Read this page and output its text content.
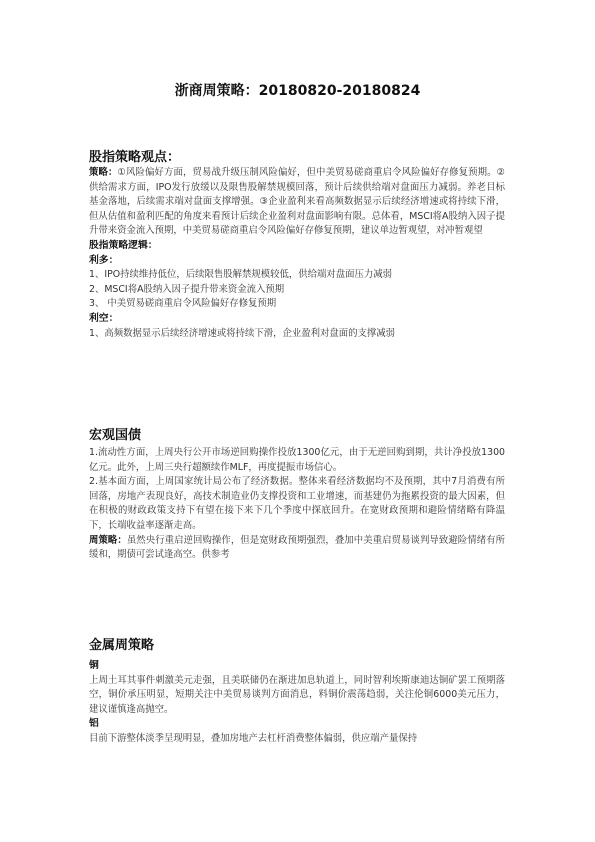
浙商周策略：20180820-20180824
股指策略观点：

策略：①风险偏好方面，贸易战升级压制风险偏好，但中美贸易磋商重启令风险偏好存修复预期。②供给需求方面，IPO发行放缓以及限售股解禁规模回落，预计后续供给端对盘面压力减弱。养老目标基金落地，后续需求端对盘面支撑增强。③企业盈利来看高频数据显示后续经济增速或将持续下滑，但从估值和盈利匹配的角度来看预计后续企业盈利对盘面影响有限。总体看，MSCI将A股纳入因子提升带来资金流入预期，中美贸易磋商重启令风险偏好存修复预期，建议单边暂观望，对冲暂观望

股指策略逻辑：

利多：

1、IPO持续维持低位，后续限售股解禁规模较低，供给端对盘面压力减弱

2、MSCI将A股纳入因子提升带来资金流入预期

3、 中美贸易磋商重启令风险偏好存修复预期

利空：

1、高频数据显示后续经济增速或将持续下滑，企业盈利对盘面的支撑减弱

宏观国债

1.流动性方面，上周央行公开市场逆回购操作投放1300亿元，由于无逆回购到期，共计净投放1300亿元。此外，上周三央行超额续作MLF，再度提振市场信心。

2.基本面方面，上周国家统计局公布了经济数据。整体来看经济数据均不及预期，其中7月消费有所回落，房地产表现良好，高技术制造业仍支撑投资和工业增速，而基建仍为拖累投资的最大因素，但在积极的财政政策支持下有望在接下来下几个季度中探底回升。在宽财政预期和避险情绪略有降温下，长端收益率逐渐走高。

周策略：虽然央行重启逆回购操作，但是宽财政预期强烈，叠加中美重启贸易谈判导致避险情绪有所缓和，期债可尝试逢高空。供参考

金属周策略

铜

上周土耳其事件刺激美元走强，且美联储仍在渐进加息轨道上，同时智利埃斯康迪达铜矿罢工预期落空，铜价承压明显，短期关注中美贸易谈判方面消息，料铜价震荡趋弱，关注伦铜6000美元压力，建议谨慎逢高抛空。

铝

目前下游整体淡季呈现明显，叠加房地产去杠杆消费整体偏弱，供应端产量保持
